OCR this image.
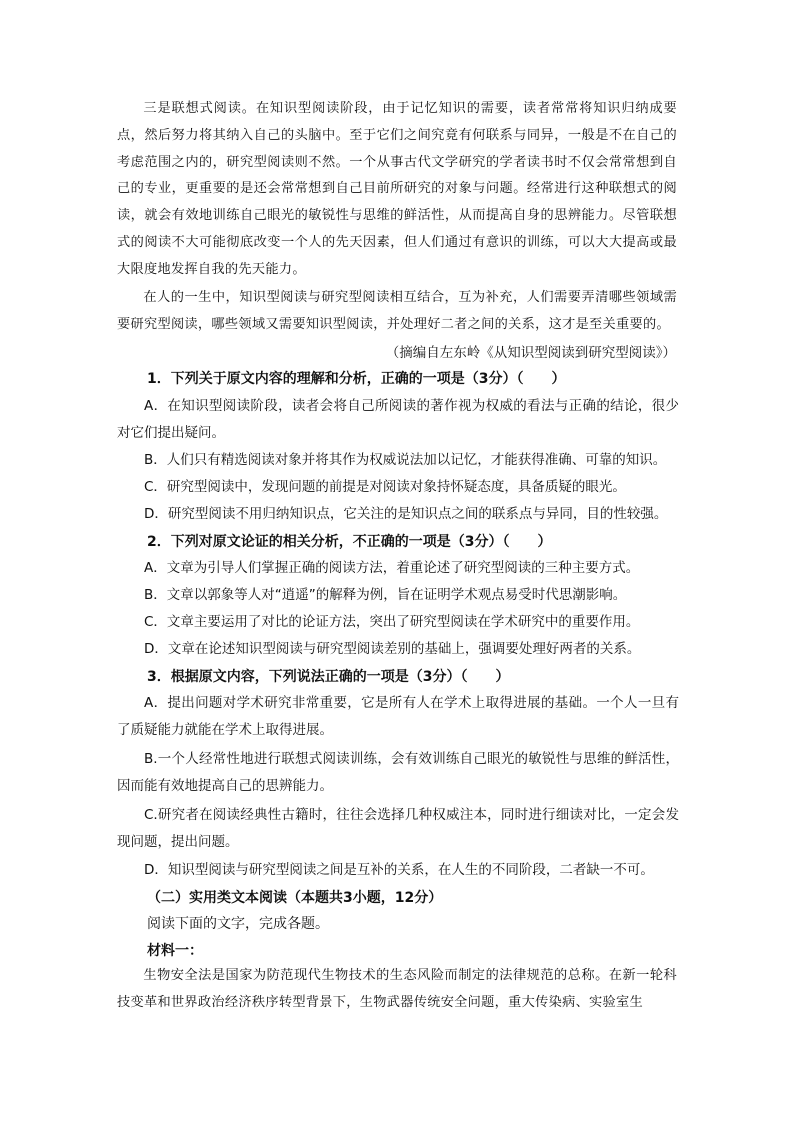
三是联想式阅读。在知识型阅读阶段，由于记忆知识的需要，读者常常将知识归纳成要点，然后努力将其纳入自己的头脑中。至于它们之间究竟有何联系与同异，一般是不在自己的考虑范围之内的，研究型阅读则不然。一个从事古代文学研究的学者读书时不仅会常常想到自己的专业，更重要的是还会常常想到自己目前所研究的对象与问题。经常进行这种联想式的阅读，就会有效地训练自己眼光的敏锐性与思维的鲜活性，从而提高自身的思辨能力。尽管联想式的阅读不大可能彻底改变一个人的先天因素，但人们通过有意识的训练，可以大大提高或最大限度地发挥自我的先天能力。

在人的一生中，知识型阅读与研究型阅读相互结合，互为补充，人们需要弄清哪些领域需要研究型阅读，哪些领域又需要知识型阅读，并处理好二者之间的关系，这才是至关重要的。

（摘编自左东岭《从知识型阅读到研究型阅读》）

1．下列关于原文内容的理解和分析，正确的一项是（3分）（　　）

A．在知识型阅读阶段，读者会将自己所阅读的著作视为权威的看法与正确的结论，很少对它们提出疑问。

B．人们只有精选阅读对象并将其作为权威说法加以记忆，才能获得准确、可靠的知识。

C．研究型阅读中，发现问题的前提是对阅读对象持怀疑态度，具备质疑的眼光。

D．研究型阅读不用归纳知识点，它关注的是知识点之间的联系点与异同，目的性较强。

2．下列对原文论证的相关分析，不正确的一项是（3分）（　　）

A．文章为引导人们掌握正确的阅读方法，着重论述了研究型阅读的三种主要方式。

B．文章以郭象等人对“逍遥”的解释为例，旨在证明学术观点易受时代思潮影响。

C．文章主要运用了对比的论证方法，突出了研究型阅读在学术研究中的重要作用。

D．文章在论述知识型阅读与研究型阅读差别的基础上，强调要处理好两者的关系。

3．根据原文内容，下列说法正确的一项是（3分）（　　）

A．提出问题对学术研究非常重要，它是所有人在学术上取得进展的基础。一个人一旦有了质疑能力就能在学术上取得进展。

B.一个人经常性地进行联想式阅读训练，会有效训练自己眼光的敏锐性与思维的鲜活性，因而能有效地提高自己的思辨能力。

C.研究者在阅读经典性古籍时，往往会选择几种权威注本，同时进行细读对比，一定会发现问题，提出问题。

D．知识型阅读与研究型阅读之间是互补的关系，在人生的不同阶段，二者缺一不可。

（二）实用类文本阅读（本题共3小题，12分）

阅读下面的文字，完成各题。

材料一：

生物安全法是国家为防范现代生物技术的生态风险而制定的法律规范的总称。在新一轮科技变革和世界政治经济秩序转型背景下，生物武器传统安全问题，重大传染病、实验室生
